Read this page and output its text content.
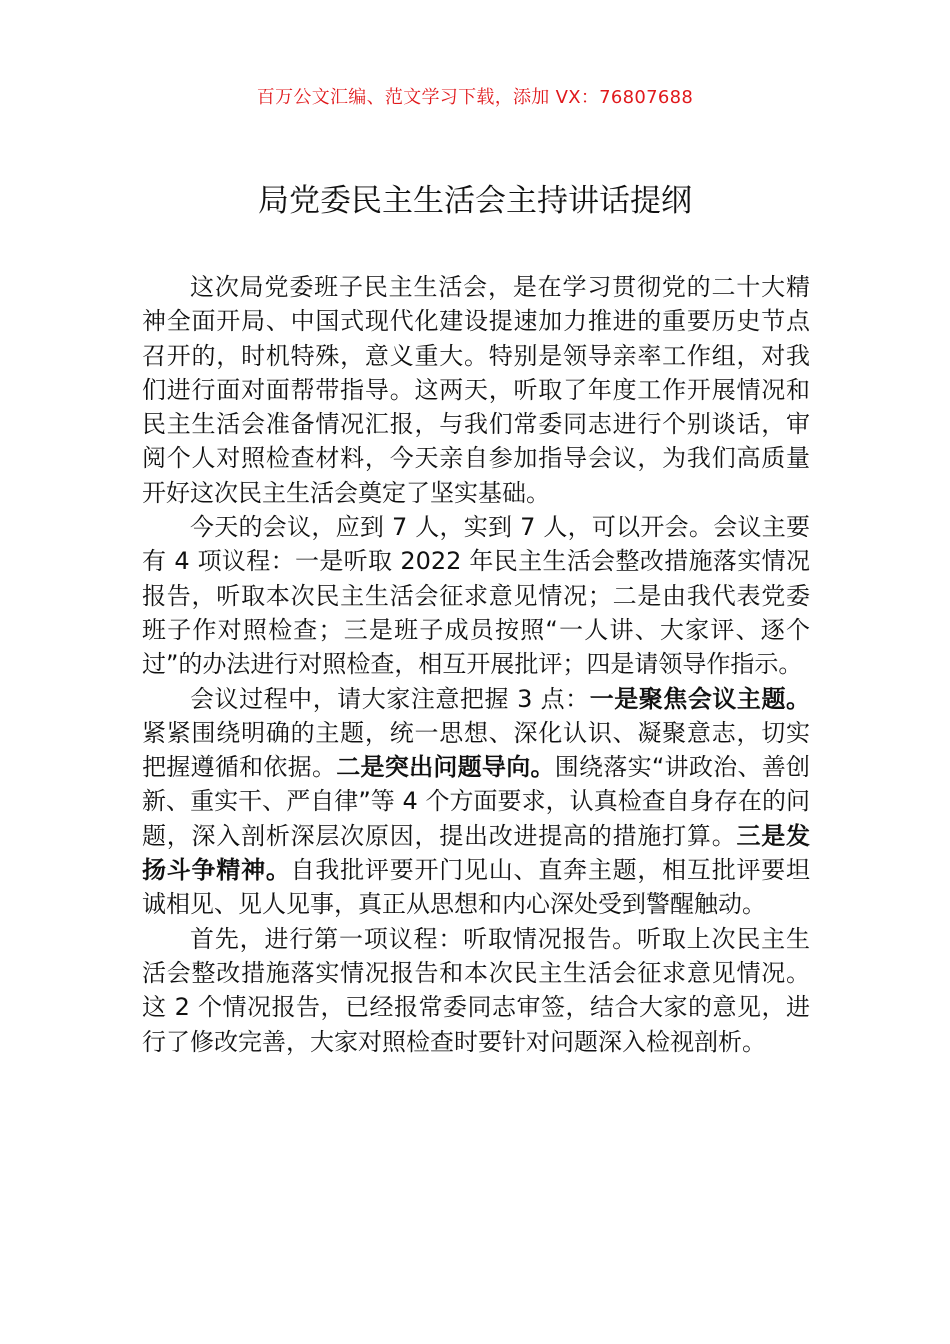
百万公文汇编、范文学习下载，添加 VX：76807688
局党委民主生活会主持讲话提纲

这次局党委班子民主生活会，是在学习贯彻党的二十大精神全面开局、中国式现代化建设提速加力推进的重要历史节点召开的，时机特殊，意义重大。特别是领导亲率工作组，对我们进行面对面帮带指导。这两天，听取了年度工作开展情况和民主生活会准备情况汇报，与我们常委同志进行个别谈话，审阅个人对照检查材料，今天亲自参加指导会议，为我们高质量开好这次民主生活会奠定了坚实基础。

今天的会议，应到 7 人，实到 7 人，可以开会。会议主要有 4 项议程：一是听取 2022 年民主生活会整改措施落实情况报告，听取本次民主生活会征求意见情况；二是由我代表党委班子作对照检查；三是班子成员按照“一人讲、大家评、逐个过”的办法进行对照检查，相互开展批评；四是请领导作指示。

会议过程中，请大家注意把握 3 点：一是聚焦会议主题。紧紧围绕明确的主题，统一思想、深化认识、凝聚意志，切实把握遵循和依据。二是突出问题导向。围绕落实“讲政治、善创新、重实干、严自律”等 4 个方面要求，认真检查自身存在的问题，深入剖析深层次原因，提出改进提高的措施打算。三是发扬斗争精神。自我批评要开门见山、直奔主题，相互批评要坦诚相见、见人见事，真正从思想和内心深处受到警醒触动。

首先，进行第一项议程：听取情况报告。听取上次民主生活会整改措施落实情况报告和本次民主生活会征求意见情况。这 2 个情况报告，已经报常委同志审签，结合大家的意见，进行了修改完善，大家对照检查时要针对问题深入检视剖析。
